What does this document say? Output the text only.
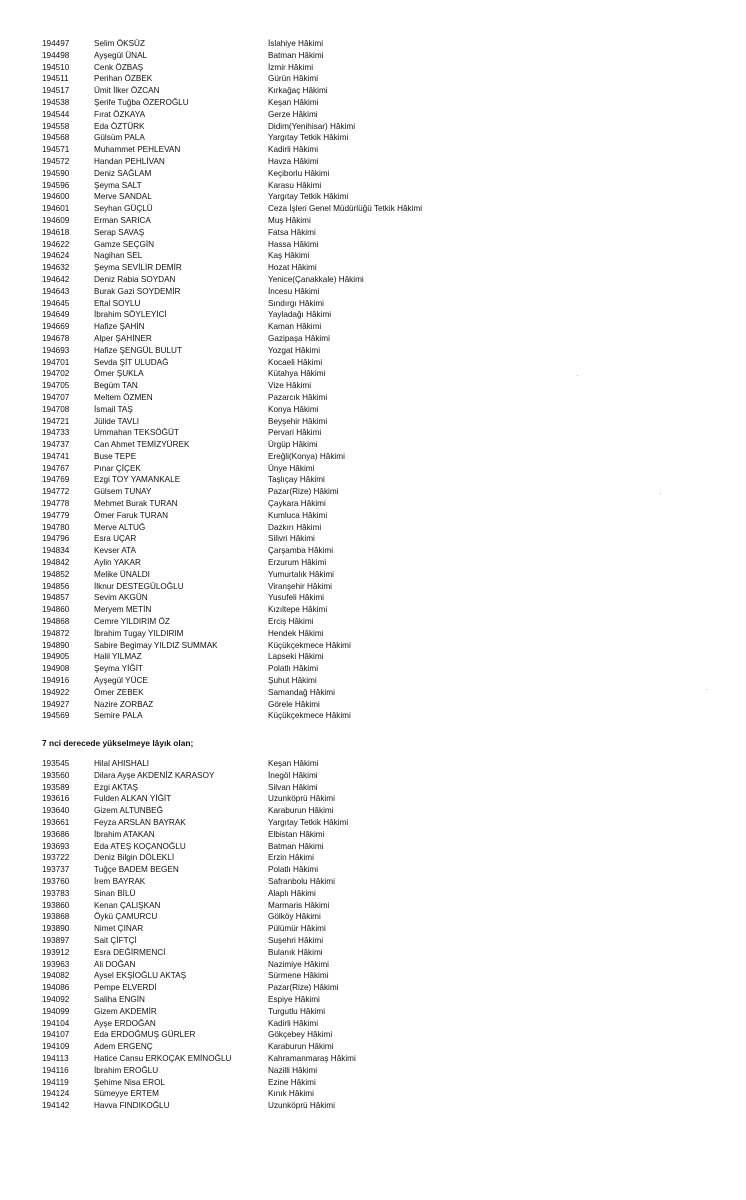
194497	Selim ÖKSÜZ	İslahiye Hâkimi
194498	Ayşegül ÜNAL	Batman Hâkimi
194510	Cenk ÖZBAŞ	İzmir Hâkimi
194511	Perihan ÖZBEK	Gürün Hâkimi
194517	Ümit İlker ÖZCAN	Kırkağaç Hâkimi
194538	Şerife Tuğba ÖZEROĞLU	Keşan Hâkimi
194544	Fırat ÖZKAYA	Gerze Hâkimi
194558	Eda ÖZTÜRK	Didim(Yenihisar) Hâkimi
194568	Gülsüm PALA	Yargıtay Tetkik Hâkimi
194571	Muhammet PEHLEVAN	Kadirli Hâkimi
194572	Handan PEHLİVAN	Havza Hâkimi
194590	Deniz SAĞLAM	Keçiborlu Hâkimi
194596	Şeyma SALT	Karasu Hâkimi
194600	Merve SANDAL	Yargıtay Tetkik Hâkimi
194601	Seyhan GÜÇLÜ	Ceza İşleri Genel Müdürlüğü Tetkik Hâkimi
194609	Erman SARICA	Muş Hâkimi
194618	Serap SAVAŞ	Fatsa Hâkimi
194622	Gamze SEÇGİN	Hassa Hâkimi
194624	Nagihan SEL	Kaş Hâkimi
194632	Şeyma SEVİLİR DEMİR	Hozat Hâkimi
194642	Deniz Rabia SOYDAN	Yenice(Çanakkale) Hâkimi
194643	Burak Gazi SOYDEMİR	İncesu Hâkimi
194645	Eftal SOYLU	Sındırgı Hâkimi
194649	İbrahim SÖYLEYİCİ	Yayladağı Hâkimi
194669	Hafize ŞAHİN	Kaman Hâkimi
194678	Alper ŞAHİNER	Gazipaşa Hâkimi
194693	Hafize ŞENGÜL BULUT	Yozgat Hâkimi
194701	Sevda ŞİT ULUDAĞ	Kocaeli Hâkimi
194702	Ömer ŞUKLA	Kütahya Hâkimi
194705	Begüm TAN	Vize Hâkimi
194707	Meltem ÖZMEN	Pazarcık Hâkimi
194708	İsmail TAŞ	Konya Hâkimi
194721	Jülide TAVLI	Beyşehir Hâkimi
194733	Ummahan TEKSÖĞÜT	Pervari Hâkimi
194737	Can Ahmet TEMİZYÜREK	Ürgüp Hâkimi
194741	Buse TEPE	Ereğli(Konya) Hâkimi
194767	Pınar ÇİÇEK	Ünye Hâkimi
194769	Ezgi TOY YAMANKALE	Taşlıçay Hâkimi
194772	Gülsem TUNAY	Pazar(Rize) Hâkimi
194778	Mehmet Burak TURAN	Çaykara Hâkimi
194779	Ömer Faruk TURAN	Kumluca Hâkimi
194780	Merve ALTUĞ	Dazkırı Hâkimi
194796	Esra UÇAR	Silivri Hâkimi
194834	Kevser ATA	Çarşamba Hâkimi
194842	Aylin YAKAR	Erzurum Hâkimi
194852	Melike ÜNALDI	Yumurtalık Hâkimi
194856	İlknur DESTEGÜLOĞLU	Viranşehir Hâkimi
194857	Sevim AKGÜN	Yusufeli Hâkimi
194860	Meryem METİN	Kızıltepe Hâkimi
194868	Cemre YILDIRIM ÖZ	Erciş Hâkimi
194872	İbrahim Tugay YILDIRIM	Hendek Hâkimi
194890	Sabire Begimay YILDIZ SUMMAK	Küçükçekmece Hâkimi
194905	Halil YILMAZ	Lapseki Hâkimi
194908	Şeyma YİĞİT	Polatlı Hâkimi
194916	Ayşegül YÜCE	Şuhut Hâkimi
194922	Ömer ZEBEK	Samandağ Hâkimi
194927	Nazire ZORBAZ	Görele Hâkimi
194569	Semire PALA	Küçükçekmece Hâkimi
7 nci derecede yükselmeye lâyık olan;
193545	Hilal AHISHALI	Keşan Hâkimi
193560	Dilara Ayşe AKDENİZ KARASOY	İnegöl Hâkimi
193589	Ezgi AKTAŞ	Silvan Hâkimi
193616	Fulden ALKAN YİĞİT	Uzunköprü Hâkimi
193640	Gizem ALTUNBEĞ	Karaburun Hâkimi
193661	Feyza ARSLAN BAYRAK	Yargıtay Tetkik Hâkimi
193686	İbrahim ATAKAN	Elbistan Hâkimi
193693	Eda ATEŞ KOÇANOĞLU	Batman Hâkimi
193722	Deniz Bilgin DÖLEKLİ	Erzin Hâkimi
193737	Tuğçe BADEM BEGEN	Polatlı Hâkimi
193760	İrem BAYRAK	Safranbolu Hâkimi
193783	Sinan BİLÜ	Alaplı Hâkimi
193860	Kenan ÇALIŞKAN	Marmaris Hâkimi
193868	Öykü ÇAMURCU	Gölköy Hâkimi
193890	Nimet ÇINAR	Pülümür Hâkimi
193897	Sait ÇİFTÇİ	Suşehri Hâkimi
193912	Esra DEĞİRMENCİ	Bulanık Hâkimi
193963	Ali DOĞAN	Nazimiye Hâkimi
194082	Aysel EKŞİOĞLU AKTAŞ	Sürmene Hâkimi
194086	Pempe ELVERDİ	Pazar(Rize) Hâkimi
194092	Saliha ENGİN	Espiye Hâkimi
194099	Gizem AKDEMİR	Turgutlu Hâkimi
194104	Ayşe ERDOĞAN	Kadirli Hâkimi
194107	Eda ERDOĞMUŞ GÜRLER	Gökçebey Hâkimi
194109	Adem ERGENÇ	Karaburun Hâkimi
194113	Hatice Cansu ERKOÇAK EMİNOĞLU	Kahramanmaraş Hâkimi
194116	İbrahim EROĞLU	Nazilli Hâkimi
194119	Şehime Nisa EROL	Ezine Hâkimi
194124	Sümeyye ERTEM	Kınık Hâkimi
194142	Havva FINDIKOĞLU	Uzunköprü Hâkimi
